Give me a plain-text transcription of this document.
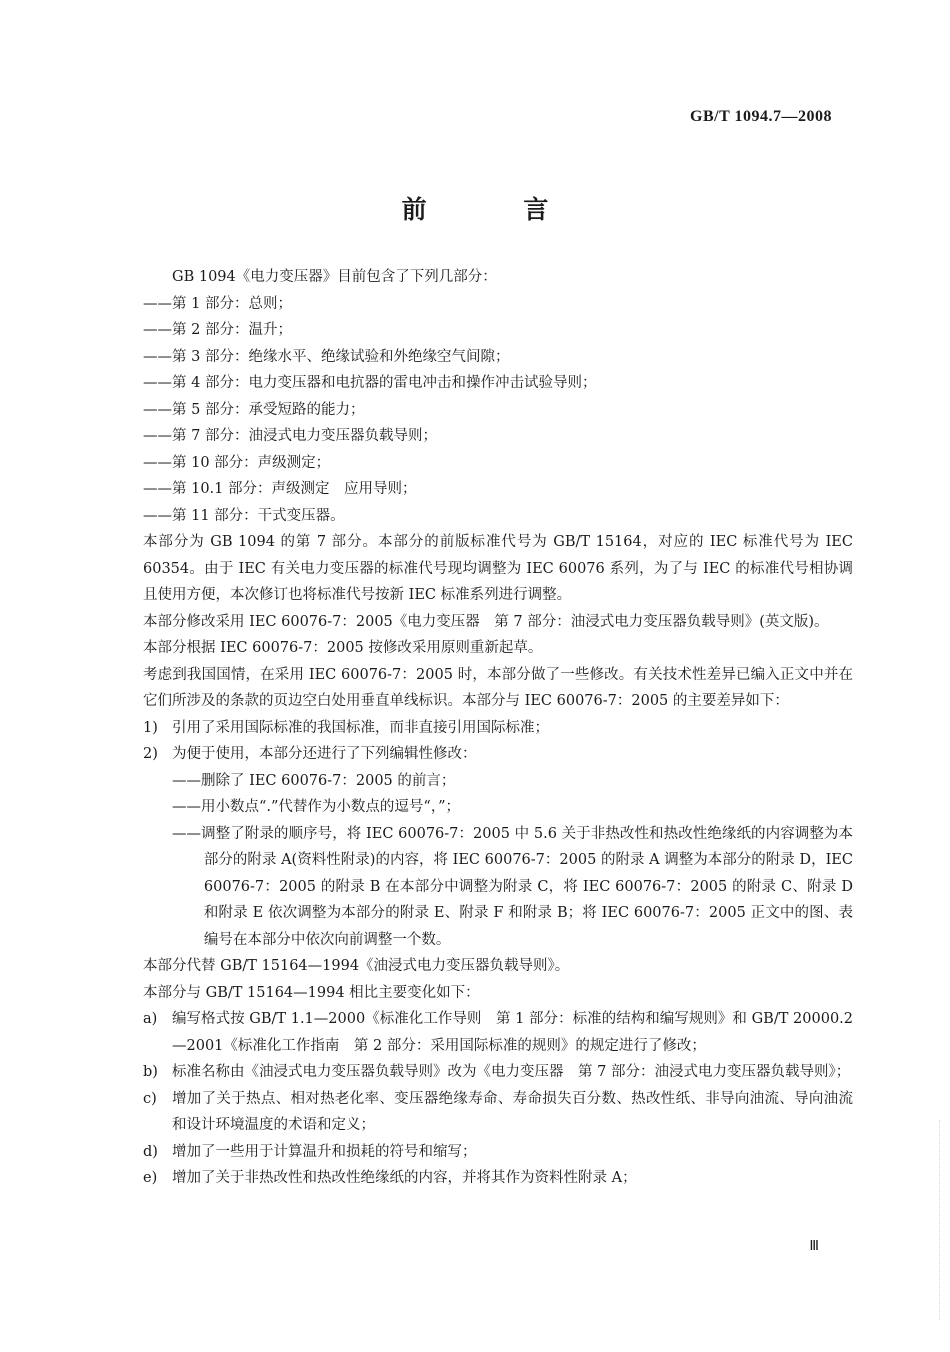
GB/T 1094.7—2008
前 言

GB 1094《电力变压器》目前包含了下列几部分：

——第 1 部分：总则；

——第 2 部分：温升；

——第 3 部分：绝缘水平、绝缘试验和外绝缘空气间隙；

——第 4 部分：电力变压器和电抗器的雷电冲击和操作冲击试验导则；

——第 5 部分：承受短路的能力；

——第 7 部分：油浸式电力变压器负载导则；

——第 10 部分：声级测定；

——第 10.1 部分：声级测定　应用导则；

——第 11 部分：干式变压器。

本部分为 GB 1094 的第 7 部分。本部分的前版标准代号为 GB/T 15164，对应的 IEC 标准代号为 IEC 60354。由于 IEC 有关电力变压器的标准代号现均调整为 IEC 60076 系列，为了与 IEC 的标准代号相协调且使用方便，本次修订也将标准代号按新 IEC 标准系列进行调整。

本部分修改采用 IEC 60076-7：2005《电力变压器　第 7 部分：油浸式电力变压器负载导则》(英文版)。

本部分根据 IEC 60076-7：2005 按修改采用原则重新起草。

考虑到我国国情，在采用 IEC 60076-7：2005 时，本部分做了一些修改。有关技术性差异已编入正文中并在它们所涉及的条款的页边空白处用垂直单线标识。本部分与 IEC 60076-7：2005 的主要差异如下：

1) 引用了采用国际标准的我国标准，而非直接引用国际标准；
2) 为便于使用，本部分还进行了下列编辑性修改：

——删除了 IEC 60076-7：2005 的前言；

——用小数点“.”代替作为小数点的逗号“，”；

——调整了附录的顺序号，将 IEC 60076-7：2005 中 5.6 关于非热改性和热改性绝缘纸的内容调整为本部分的附录 A(资料性附录)的内容，将 IEC 60076-7：2005 的附录 A 调整为本部分的附录 D，IEC 60076-7：2005 的附录 B 在本部分中调整为附录 C，将 IEC 60076-7：2005 的附录 C、附录 D 和附录 E 依次调整为本部分的附录 E、附录 F 和附录 B；将 IEC 60076-7：2005 正文中的图、表编号在本部分中依次向前调整一个数。

本部分代替 GB/T 15164—1994《油浸式电力变压器负载导则》。

本部分与 GB/T 15164—1994 相比主要变化如下：

a)	编写格式按 GB/T 1.1—2000《标准化工作导则　第 1 部分：标准的结构和编写规则》和 GB/T 20000.2—2001《标准化工作指南　第 2 部分：采用国际标准的规则》的规定进行了修改；
b) 标准名称由《油浸式电力变压器负载导则》改为《电力变压器　第 7 部分：油浸式电力变压器负载导则》；
c)	增加了关于热点、相对热老化率、变压器绝缘寿命、寿命损失百分数、热改性纸、非导向油流、导向油流和设计环境温度的术语和定义；
d) 增加了一些用于计算温升和损耗的符号和缩写；
e)	增加了关于非热改性和热改性绝缘纸的内容，并将其作为资料性附录 A；
Ⅲ
